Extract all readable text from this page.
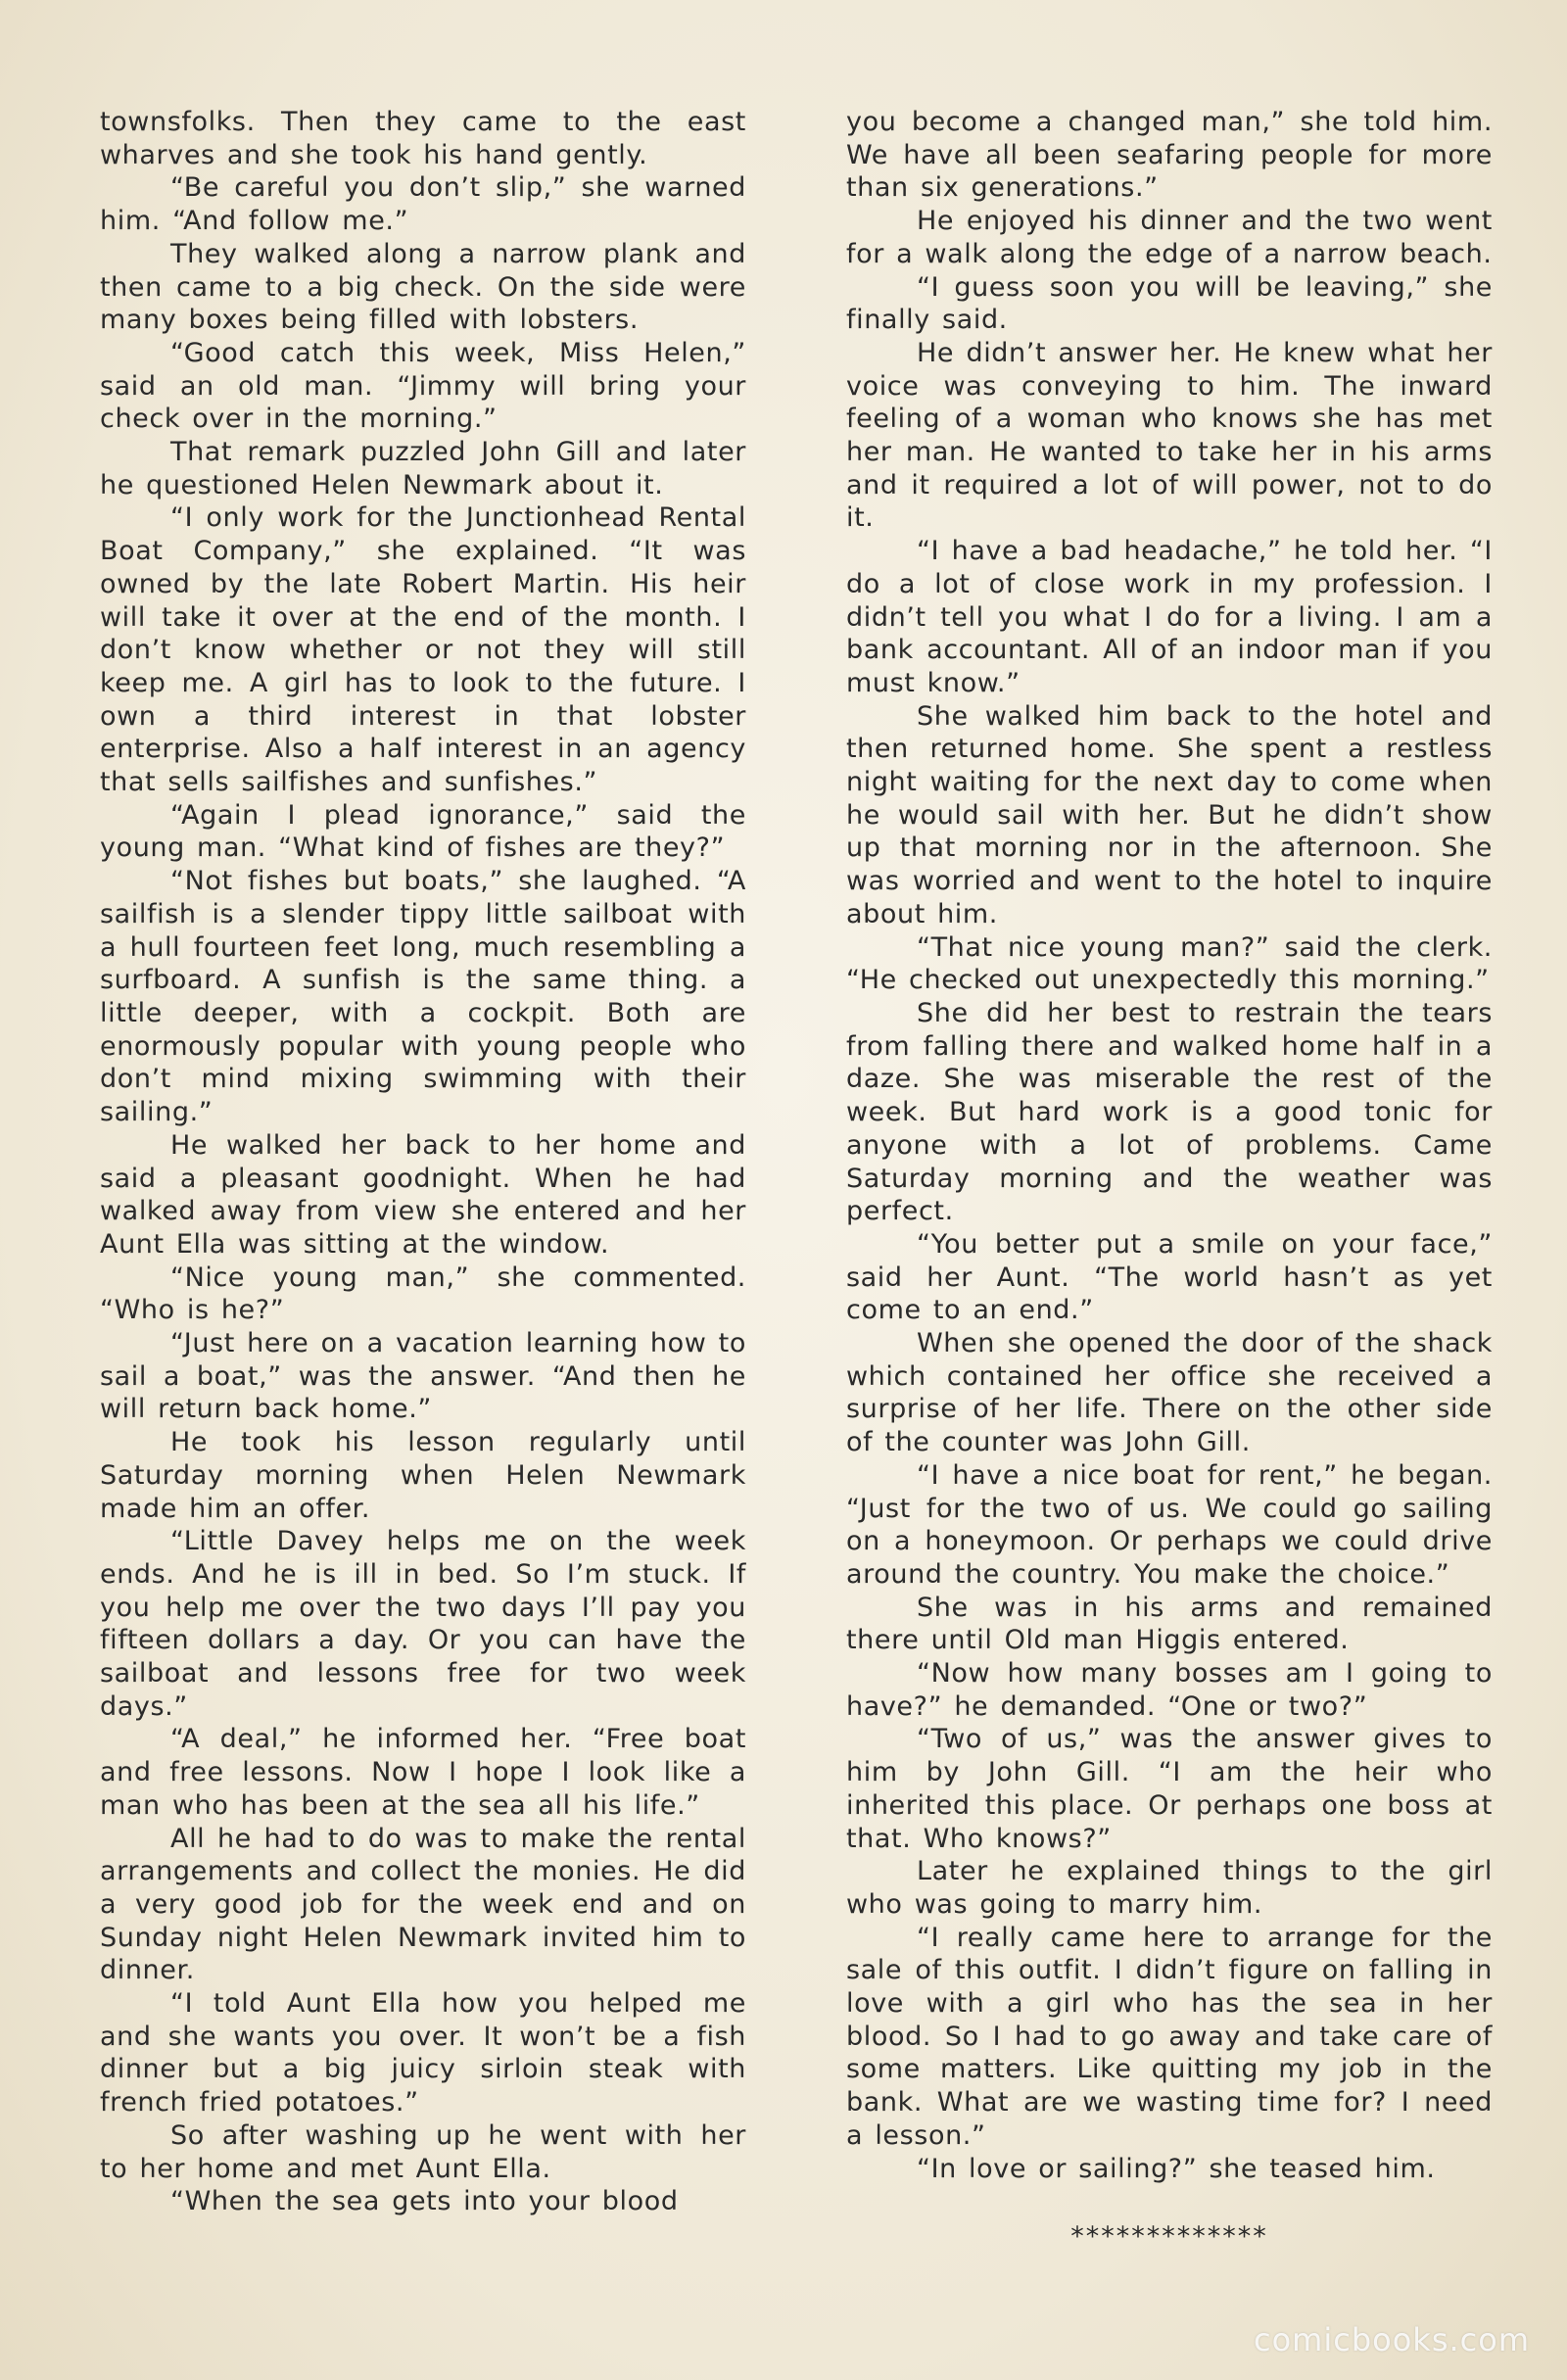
townsfolks. Then they came to the east wharves and she took his hand gently.

“Be careful you don’t slip,” she warned him. “And follow me.”

They walked along a narrow plank and then came to a big check. On the side were many boxes being filled with lobsters.

“Good catch this week, Miss Helen,” said an old man. “Jimmy will bring your check over in the morning.”

That remark puzzled John Gill and later he questioned Helen Newmark about it.

“I only work for the Junctionhead Rental Boat Company,” she explained. “It was owned by the late Robert Martin. His heir will take it over at the end of the month. I don’t know whether or not they will still keep me. A girl has to look to the future. I own a third interest in that lobster enterprise. Also a half interest in an agency that sells sailfishes and sunfishes.”

“Again I plead ignorance,” said the young man. “What kind of fishes are they?”

“Not fishes but boats,” she laughed. “A sailfish is a slender tippy little sailboat with a hull fourteen feet long, much resembling a surfboard. A sunfish is the same thing. a little deeper, with a cockpit. Both are enormously popular with young people who don’t mind mixing swimming with their sailing.”

He walked her back to her home and said a pleasant goodnight. When he had walked away from view she entered and her Aunt Ella was sitting at the window.

“Nice young man,” she commented. “Who is he?”

“Just here on a vacation learning how to sail a boat,” was the answer. “And then he will return back home.”

He took his lesson regularly until Saturday morning when Helen Newmark made him an offer.

“Little Davey helps me on the week ends. And he is ill in bed. So I’m stuck. If you help me over the two days I’ll pay you fifteen dollars a day. Or you can have the sailboat and lessons free for two week days.”

“A deal,” he informed her. “Free boat and free lessons. Now I hope I look like a man who has been at the sea all his life.”

All he had to do was to make the rental arrangements and collect the monies. He did a very good job for the week end and on Sunday night Helen Newmark invited him to dinner.

“I told Aunt Ella how you helped me and she wants you over. It won’t be a fish dinner but a big juicy sirloin steak with french fried potatoes.”

So after washing up he went with her to her home and met Aunt Ella.

“When the sea gets into your blood

you become a changed man,” she told him. We have all been seafaring people for more than six generations.”

He enjoyed his dinner and the two went for a walk along the edge of a narrow beach.

“I guess soon you will be leaving,” she finally said.

He didn’t answer her. He knew what her voice was conveying to him. The inward feeling of a woman who knows she has met her man. He wanted to take her in his arms and it required a lot of will power, not to do it.

“I have a bad headache,” he told her. “I do a lot of close work in my profession. I didn’t tell you what I do for a living. I am a bank accountant. All of an indoor man if you must know.”

She walked him back to the hotel and then returned home. She spent a restless night waiting for the next day to come when he would sail with her. But he didn’t show up that morning nor in the afternoon. She was worried and went to the hotel to inquire about him.

“That nice young man?” said the clerk. “He checked out unexpectedly this morning.”

She did her best to restrain the tears from falling there and walked home half in a daze. She was miserable the rest of the week. But hard work is a good tonic for anyone with a lot of problems. Came Saturday morning and the weather was perfect.

“You better put a smile on your face,” said her Aunt. “The world hasn’t as yet come to an end.”

When she opened the door of the shack which contained her office she received a surprise of her life. There on the other side of the counter was John Gill.

“I have a nice boat for rent,” he began. “Just for the two of us. We could go sailing on a honeymoon. Or perhaps we could drive around the country. You make the choice.”

She was in his arms and remained there until Old man Higgis entered.

“Now how many bosses am I going to have?” he demanded. “One or two?”

“Two of us,” was the answer gives to him by John Gill. “I am the heir who inherited this place. Or perhaps one boss at that. Who knows?”

Later he explained things to the girl who was going to marry him.

“I really came here to arrange for the sale of this outfit. I didn’t figure on falling in love with a girl who has the sea in her blood. So I had to go away and take care of some matters. Like quitting my job in the bank. What are we wasting time for? I need a lesson.”

“In love or sailing?” she teased him.

*************

comicbooks.com
